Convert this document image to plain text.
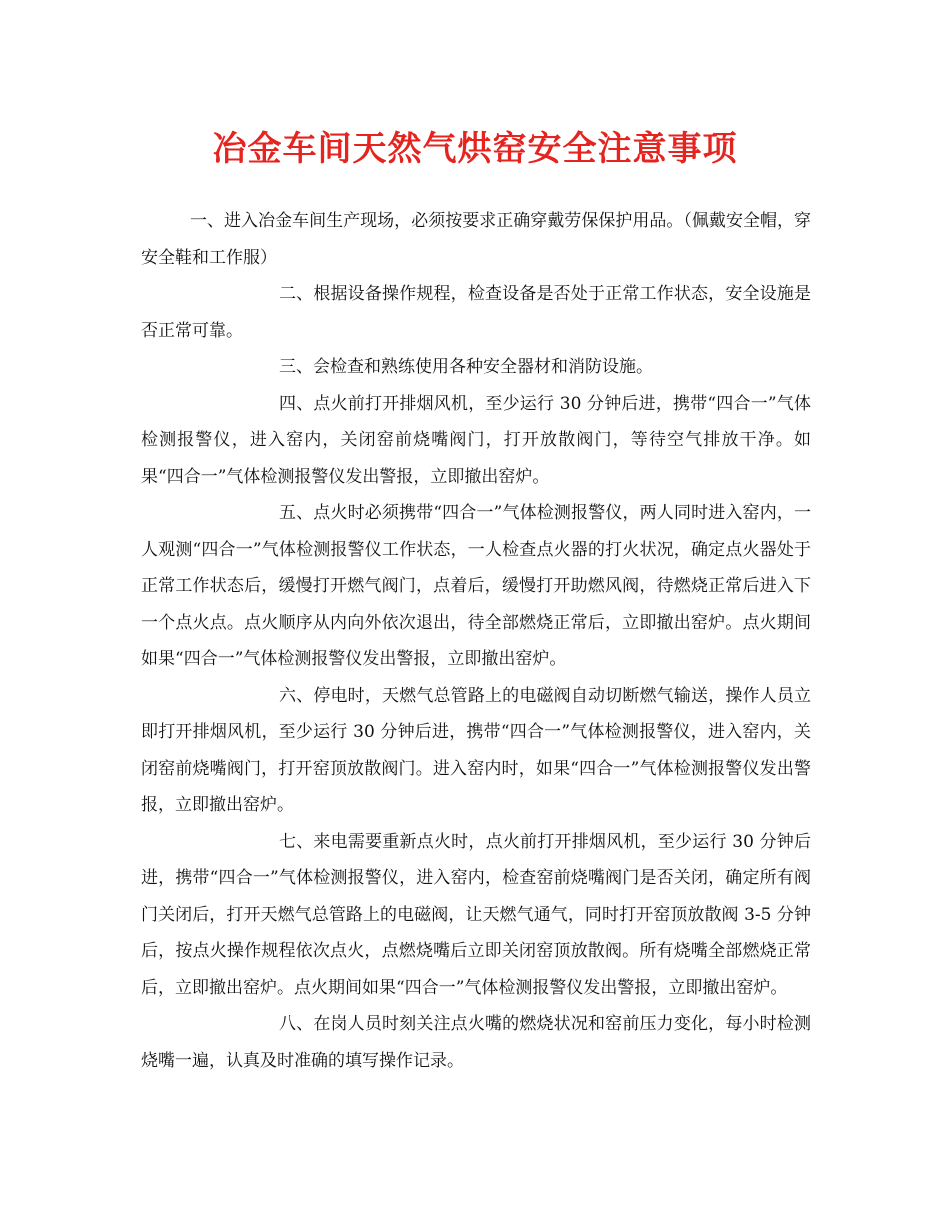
冶金车间天然气烘窑安全注意事项

一、进入冶金车间生产现场，必须按要求正确穿戴劳保保护用品。（佩戴安全帽，穿安全鞋和工作服）

二、根据设备操作规程，检查设备是否处于正常工作状态，安全设施是否正常可靠。

三、会检查和熟练使用各种安全器材和消防设施。

四、点火前打开排烟风机，至少运行 30 分钟后进，携带“四合一”气体检测报警仪，进入窑内，关闭窑前烧嘴阀门，打开放散阀门，等待空气排放干净。如果“四合一”气体检测报警仪发出警报，立即撤出窑炉。

五、点火时必须携带“四合一”气体检测报警仪，两人同时进入窑内，一人观测“四合一”气体检测报警仪工作状态，一人检查点火器的打火状况，确定点火器处于正常工作状态后，缓慢打开燃气阀门，点着后，缓慢打开助燃风阀，待燃烧正常后进入下一个点火点。点火顺序从内向外依次退出，待全部燃烧正常后，立即撤出窑炉。点火期间如果“四合一”气体检测报警仪发出警报，立即撤出窑炉。

六、停电时，天燃气总管路上的电磁阀自动切断燃气输送，操作人员立即打开排烟风机，至少运行 30 分钟后进，携带“四合一”气体检测报警仪，进入窑内，关闭窑前烧嘴阀门，打开窑顶放散阀门。进入窑内时，如果“四合一”气体检测报警仪发出警报，立即撤出窑炉。

七、来电需要重新点火时，点火前打开排烟风机，至少运行 30 分钟后进，携带“四合一”气体检测报警仪，进入窑内，检查窑前烧嘴阀门是否关闭，确定所有阀门关闭后，打开天燃气总管路上的电磁阀，让天燃气通气，同时打开窑顶放散阀 3-5 分钟后，按点火操作规程依次点火，点燃烧嘴后立即关闭窑顶放散阀。所有烧嘴全部燃烧正常后，立即撤出窑炉。点火期间如果“四合一”气体检测报警仪发出警报，立即撤出窑炉。

八、在岗人员时刻关注点火嘴的燃烧状况和窑前压力变化，每小时检测烧嘴一遍，认真及时准确的填写操作记录。
